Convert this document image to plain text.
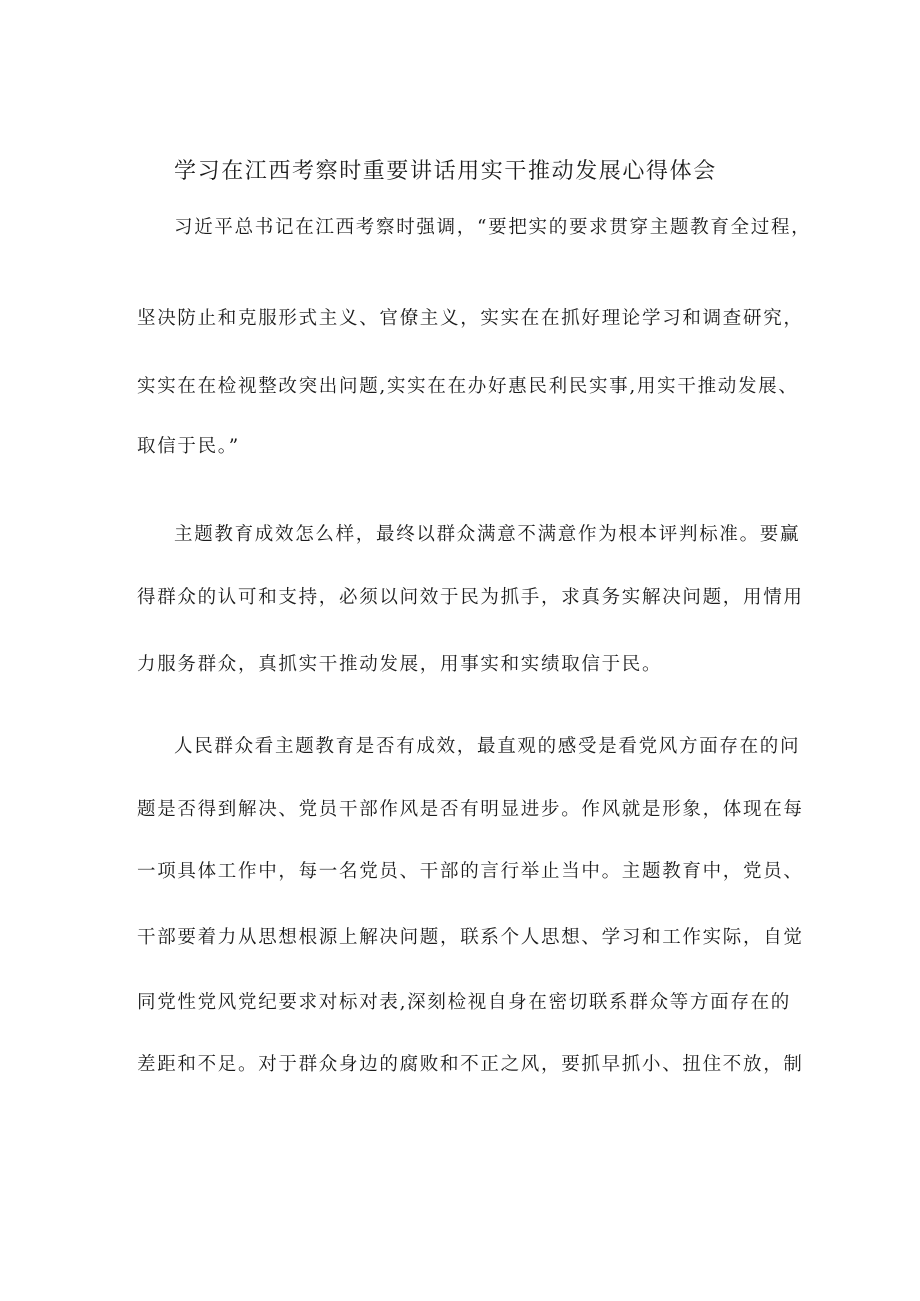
学习在江西考察时重要讲话用实干推动发展心得体会

习近平总书记在江西考察时强调，“要把实的要求贯穿主题教育全过程，

坚决防止和克服形式主义、官僚主义，实实在在抓好理论学习和调查研究，

实实在在检视整改突出问题,实实在在办好惠民利民实事,用实干推动发展、

取信于民。”

主题教育成效怎么样，最终以群众满意不满意作为根本评判标准。要赢

得群众的认可和支持，必须以问效于民为抓手，求真务实解决问题，用情用

力服务群众，真抓实干推动发展，用事实和实绩取信于民。

人民群众看主题教育是否有成效，最直观的感受是看党风方面存在的问

题是否得到解决、党员干部作风是否有明显进步。作风就是形象，体现在每

一项具体工作中，每一名党员、干部的言行举止当中。主题教育中，党员、

干部要着力从思想根源上解决问题，联系个人思想、学习和工作实际，自觉

同党性党风党纪要求对标对表,深刻检视自身在密切联系群众等方面存在的

差距和不足。对于群众身边的腐败和不正之风，要抓早抓小、扭住不放，制
